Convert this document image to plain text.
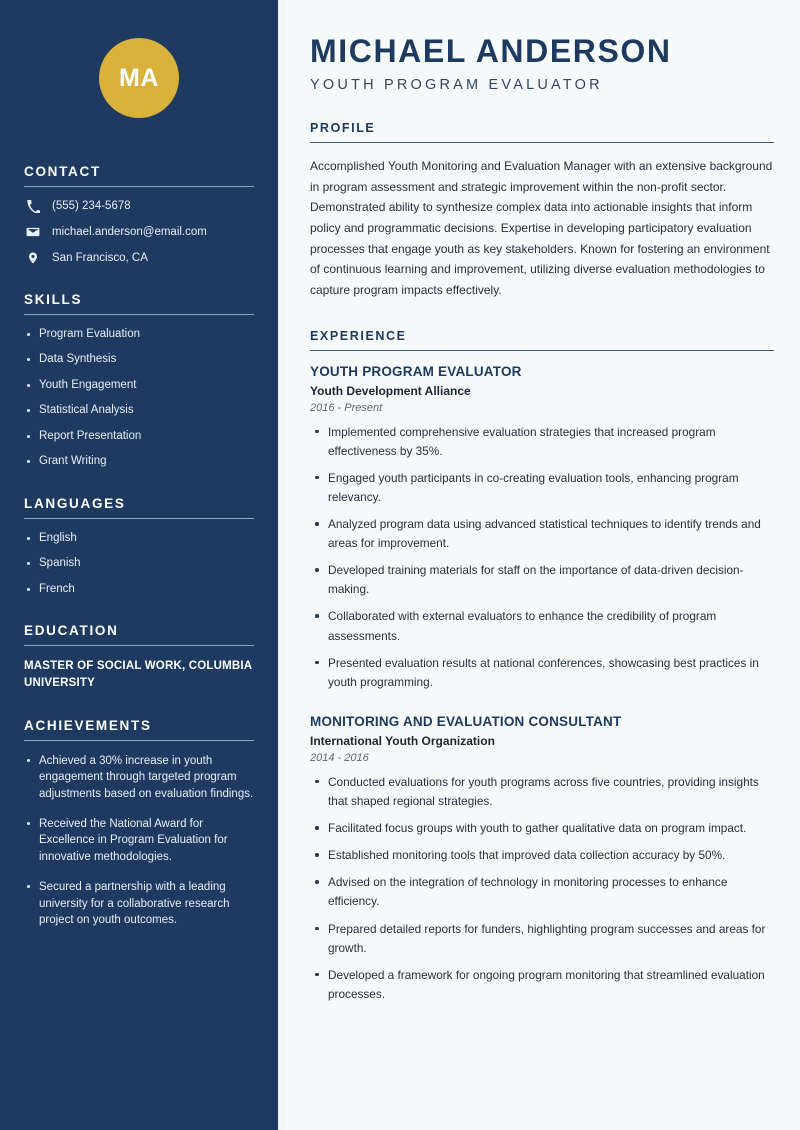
MA
CONTACT
(555) 234-5678
michael.anderson@email.com
San Francisco, CA
SKILLS
Program Evaluation
Data Synthesis
Youth Engagement
Statistical Analysis
Report Presentation
Grant Writing
LANGUAGES
English
Spanish
French
EDUCATION
MASTER OF SOCIAL WORK, COLUMBIA UNIVERSITY
ACHIEVEMENTS
Achieved a 30% increase in youth engagement through targeted program adjustments based on evaluation findings.
Received the National Award for Excellence in Program Evaluation for innovative methodologies.
Secured a partnership with a leading university for a collaborative research project on youth outcomes.
MICHAEL ANDERSON
YOUTH PROGRAM EVALUATOR
PROFILE

Accomplished Youth Monitoring and Evaluation Manager with an extensive background in program assessment and strategic improvement within the non-profit sector. Demonstrated ability to synthesize complex data into actionable insights that inform policy and programmatic decisions. Expertise in developing participatory evaluation processes that engage youth as key stakeholders. Known for fostering an environment of continuous learning and improvement, utilizing diverse evaluation methodologies to capture program impacts effectively.

EXPERIENCE
YOUTH PROGRAM EVALUATOR
Youth Development Alliance
2016 - Present
Implemented comprehensive evaluation strategies that increased program effectiveness by 35%.
Engaged youth participants in co-creating evaluation tools, enhancing program relevancy.
Analyzed program data using advanced statistical techniques to identify trends and areas for improvement.
Developed training materials for staff on the importance of data-driven decision-making.
Collaborated with external evaluators to enhance the credibility of program assessments.
Presented evaluation results at national conferences, showcasing best practices in youth programming.
MONITORING AND EVALUATION CONSULTANT
International Youth Organization
2014 - 2016
Conducted evaluations for youth programs across five countries, providing insights that shaped regional strategies.
Facilitated focus groups with youth to gather qualitative data on program impact.
Established monitoring tools that improved data collection accuracy by 50%.
Advised on the integration of technology in monitoring processes to enhance efficiency.
Prepared detailed reports for funders, highlighting program successes and areas for growth.
Developed a framework for ongoing program monitoring that streamlined evaluation processes.
